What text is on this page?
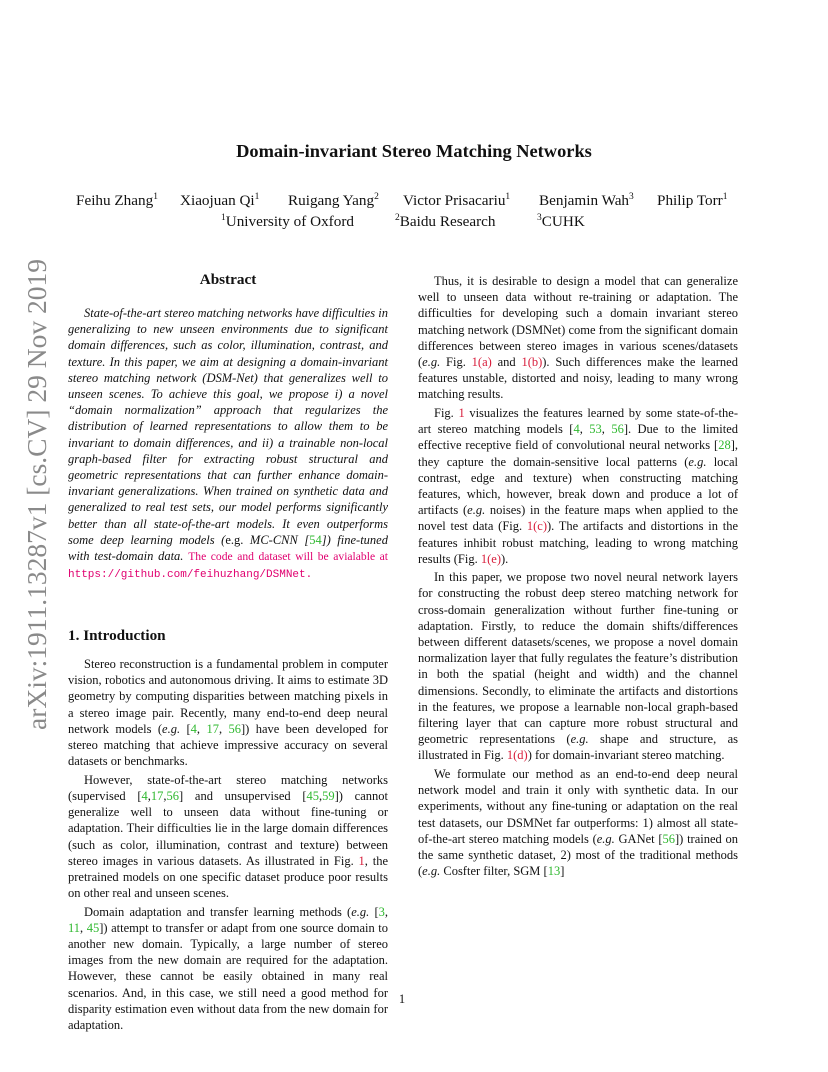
arXiv:1911.13287v1 [cs.CV] 29 Nov 2019
Domain-invariant Stereo Matching Networks
Feihu Zhang$^1$ Xiaojuan Qi$^1$ Ruigang Yang$^2$ Victor Prisacariu$^1$ Benjamin Wah$^3$ Philip Torr$^1$
$^1$University of Oxford	$^2$Baidu Research	$^3$CUHK
Abstract

State-of-the-art stereo matching networks have difficulties in generalizing to new unseen environments due to significant domain differences, such as color, illumination, contrast, and texture. In this paper, we aim at designing a domain-invariant stereo matching network (DSM-Net) that generalizes well to unseen scenes. To achieve this goal, we propose i) a novel “domain normalization” approach that regularizes the distribution of learned representations to allow them to be invariant to domain differences, and ii) a trainable non-local graph-based filter for extracting robust structural and geometric representations that can further enhance domain-invariant generalizations. When trained on synthetic data and generalized to real test sets, our model performs significantly better than all state-of-the-art models. It even outperforms some deep learning models (e.g. MC-CNN [54]) fine-tuned with test-domain data. The code and dataset will be avialable at https://github.com/feihuzhang/DSMNet.

1. Introduction

Stereo reconstruction is a fundamental problem in computer vision, robotics and autonomous driving. It aims to estimate 3D geometry by computing disparities between matching pixels in a stereo image pair. Recently, many end-to-end deep neural network models (e.g. [4, 17, 56]) have been developed for stereo matching that achieve impressive accuracy on several datasets or benchmarks.

However, state-of-the-art stereo matching networks (supervised [4,17,56] and unsupervised [45,59]) cannot generalize well to unseen data without fine-tuning or adaptation. Their difficulties lie in the large domain differences (such as color, illumination, contrast and texture) between stereo images in various datasets. As illustrated in Fig. 1, the pretrained models on one specific dataset produce poor results on other real and unseen scenes.

Domain adaptation and transfer learning methods (e.g. [3, 11, 45]) attempt to transfer or adapt from one source domain to another new domain. Typically, a large number of stereo images from the new domain are required for the adaptation. However, these cannot be easily obtained in many real scenarios. And, in this case, we still need a good method for disparity estimation even without data from the new domain for adaptation.

Thus, it is desirable to design a model that can generalize well to unseen data without re-training or adaptation. The difficulties for developing such a domain invariant stereo matching network (DSMNet) come from the significant domain differences between stereo images in various scenes/datasets (e.g. Fig. 1(a) and 1(b)). Such differences make the learned features unstable, distorted and noisy, leading to many wrong matching results.

Fig. 1 visualizes the features learned by some state-of-the-art stereo matching models [4, 53, 56]. Due to the limited effective receptive field of convolutional neural networks [28], they capture the domain-sensitive local patterns (e.g. local contrast, edge and texture) when constructing matching features, which, however, break down and produce a lot of artifacts (e.g. noises) in the feature maps when applied to the novel test data (Fig. 1(c)). The artifacts and distortions in the features inhibit robust matching, leading to wrong matching results (Fig. 1(e)).

In this paper, we propose two novel neural network layers for constructing the robust deep stereo matching network for cross-domain generalization without further fine-tuning or adaptation. Firstly, to reduce the domain shifts/differences between different datasets/scenes, we propose a novel domain normalization layer that fully regulates the feature’s distribution in both the spatial (height and width) and the channel dimensions. Secondly, to eliminate the artifacts and distortions in the features, we propose a learnable non-local graph-based filtering layer that can capture more robust structural and geometric representations (e.g. shape and structure, as illustrated in Fig. 1(d)) for domain-invariant stereo matching.

We formulate our method as an end-to-end deep neural network model and train it only with synthetic data. In our experiments, without any fine-tuning or adaptation on the real test datasets, our DSMNet far outperforms: 1) almost all state-of-the-art stereo matching models (e.g. GANet [56]) trained on the same synthetic dataset, 2) most of the traditional methods (e.g. Cosfter filter, SGM [13]

1
